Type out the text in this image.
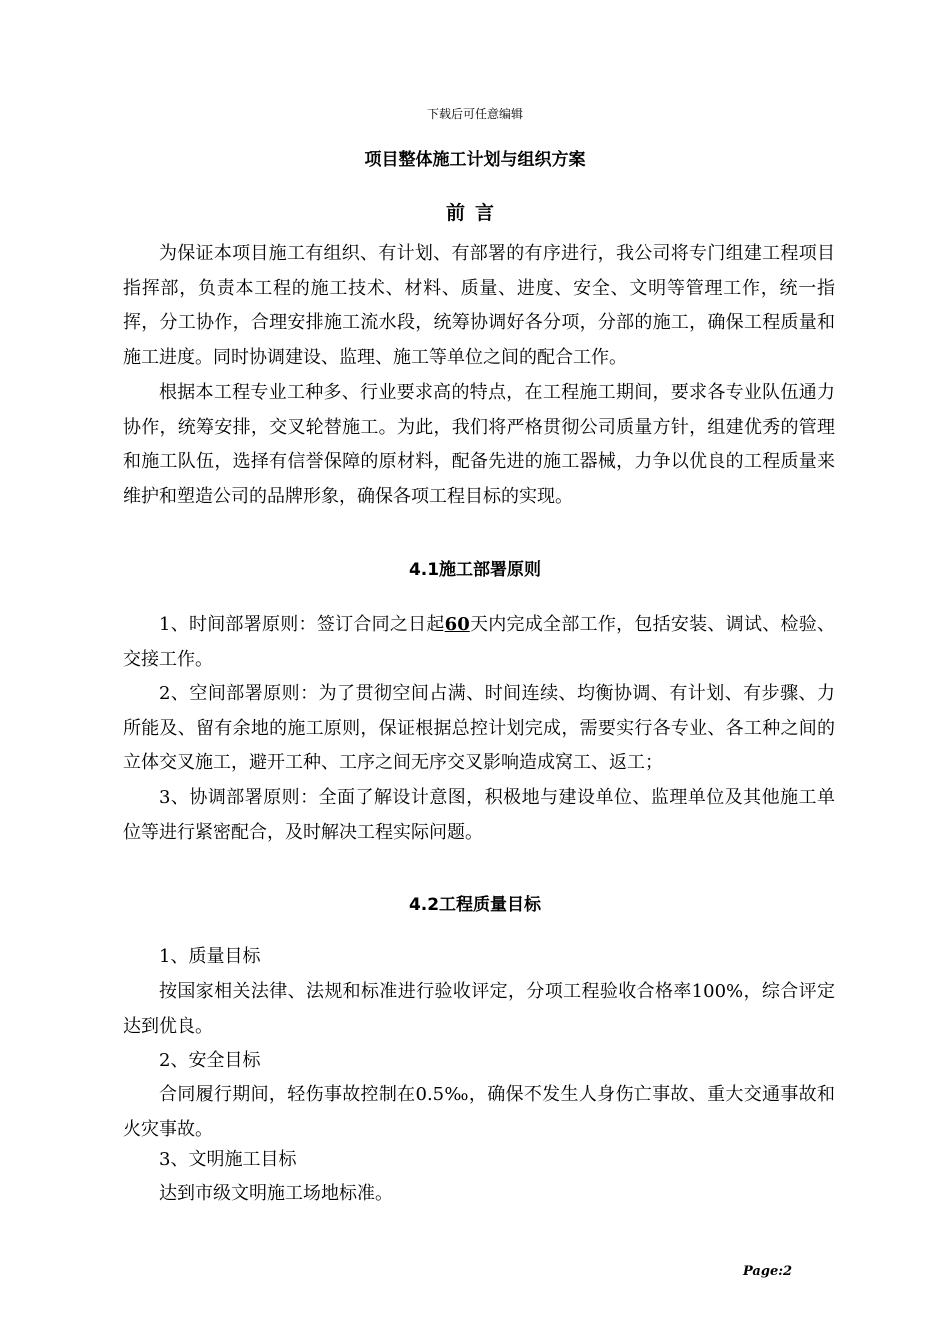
下载后可任意编辑
项目整体施工计划与组织方案
前言

为保证本项目施工有组织、有计划、有部署的有序进行，我公司将专门组建工程项目指挥部，负责本工程的施工技术、材料、质量、进度、安全、文明等管理工作，统一指挥，分工协作，合理安排施工流水段，统筹协调好各分项，分部的施工，确保工程质量和施工进度。同时协调建设、监理、施工等单位之间的配合工作。

根据本工程专业工种多、行业要求高的特点，在工程施工期间，要求各专业队伍通力协作，统筹安排，交叉轮替施工。为此，我们将严格贯彻公司质量方针，组建优秀的管理和施工队伍，选择有信誉保障的原材料，配备先进的施工器械，力争以优良的工程质量来维护和塑造公司的品牌形象，确保各项工程目标的实现。

4.1施工部署原则

1、时间部署原则：签订合同之日起60天内完成全部工作，包括安装、调试、检验、交接工作。

2、空间部署原则：为了贯彻空间占满、时间连续、均衡协调、有计划、有步骤、力所能及、留有余地的施工原则，保证根据总控计划完成，需要实行各专业、各工种之间的立体交叉施工，避开工种、工序之间无序交叉影响造成窝工、返工；

3、协调部署原则：全面了解设计意图，积极地与建设单位、监理单位及其他施工单位等进行紧密配合，及时解决工程实际问题。

4.2工程质量目标

1、质量目标

按国家相关法律、法规和标准进行验收评定，分项工程验收合格率100%，综合评定达到优良。

2、安全目标

合同履行期间，轻伤事故控制在0.5‰，确保不发生人身伤亡事故、重大交通事故和火灾事故。

3、文明施工目标

达到市级文明施工场地标准。

Page:2
